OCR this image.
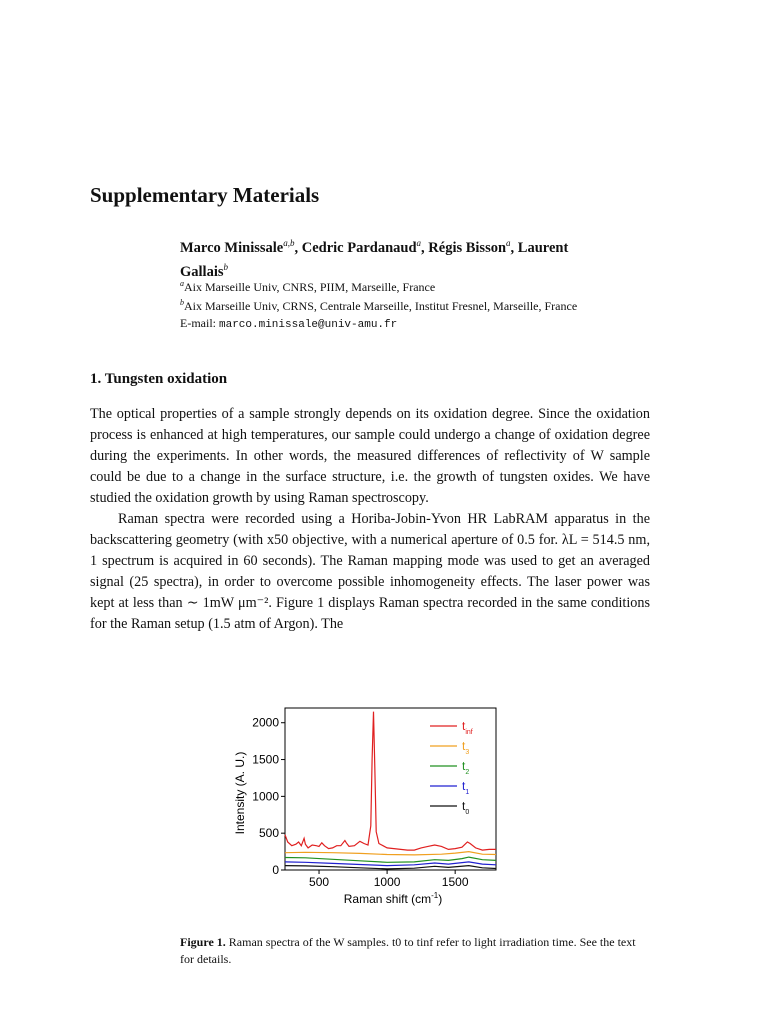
Supplementary Materials
Marco Minissale$^{a,b}$, Cedric Pardanaud$^a$, Régis Bisson$^a$, Laurent
Gallais$^b$
$^a$Aix Marseille Univ, CNRS, PIIM, Marseille, France
$^b$Aix Marseille Univ, CRNS, Centrale Marseille, Institut Fresnel, Marseille, France
E-mail: marco.minissale@univ-amu.fr
1. Tungsten oxidation

The optical properties of a sample strongly depends on its oxidation degree. Since the oxidation process is enhanced at high temperatures, our sample could undergo a change of oxidation degree during the experiments. In other words, the measured differences of reflectivity of W sample could be due to a change in the surface structure, i.e. the growth of tungsten oxides. We have studied the oxidation growth by using Raman spectroscopy.

Raman spectra were recorded using a Horiba-Jobin-Yvon HR LabRAM apparatus in the backscattering geometry (with x50 objective, with a numerical aperture of 0.5 for. λL = 514.5 nm, 1 spectrum is acquired in 60 seconds). The Raman mapping mode was used to get an averaged signal (25 spectra), in order to overcome possible inhomogeneity effects. The laser power was kept at less than ∼ 1mW μm⁻². Figure 1 displays Raman spectra recorded in the same conditions for the Raman setup (1.5 atm of Argon). The

0
500
1000
1500
2000
500	1000	1500
$t_{inf}$
$t_3$
$t_2$
$t_1$
$t_0$
Intensity (A. U.)
Raman shift $(cm^{-1})$
Figure 1. Raman spectra of the W samples. t0 to tinf refer to light irradiation time. See the text for details.
